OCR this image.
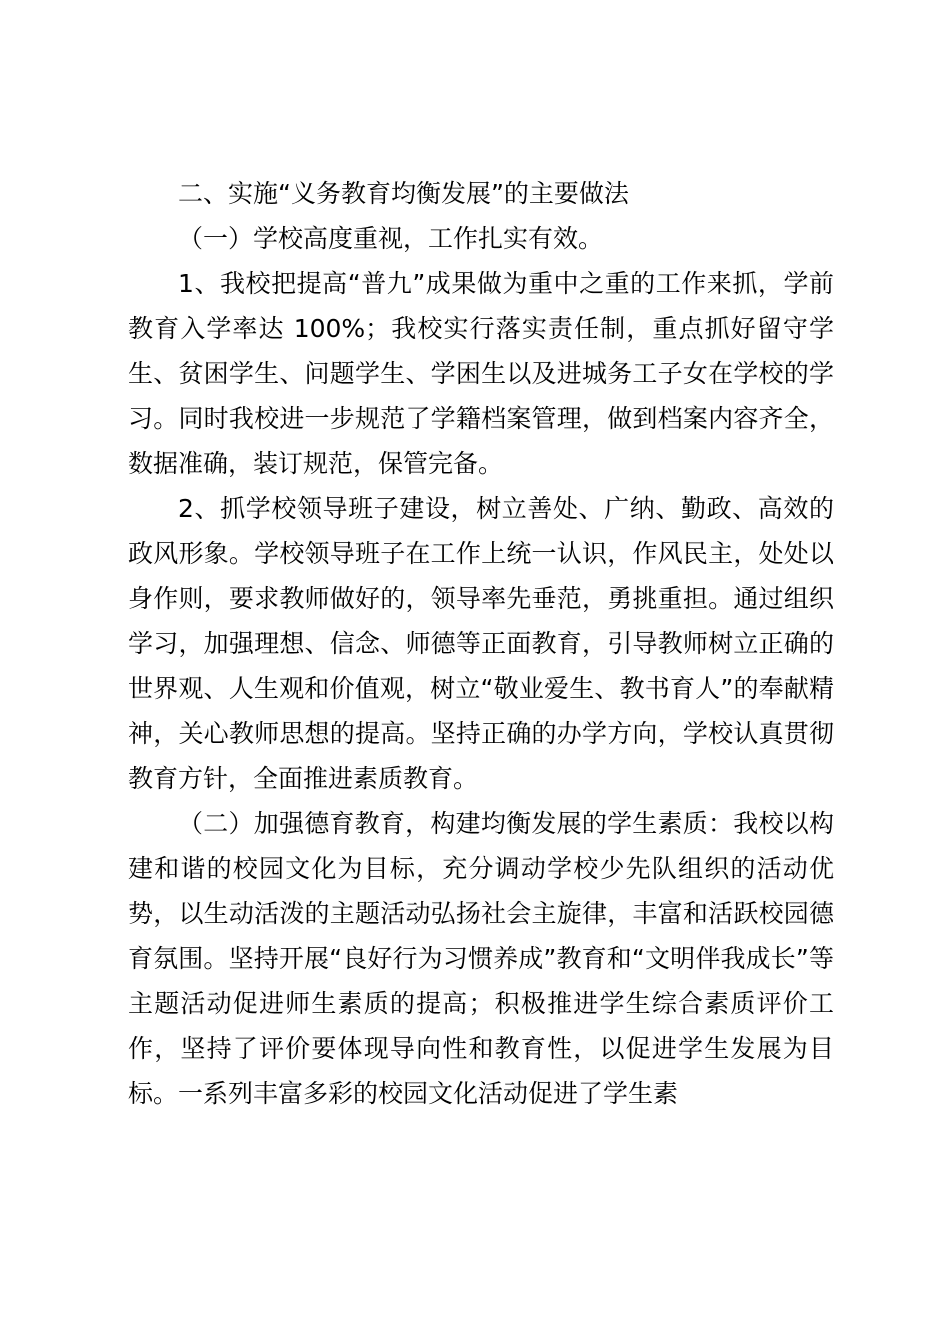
二、实施“义务教育均衡发展”的主要做法

（一）学校高度重视，工作扎实有效。

1、我校把提高“普九”成果做为重中之重的工作来抓，学前教育入学率达 100%；我校实行落实责任制，重点抓好留守学生、贫困学生、问题学生、学困生以及进城务工子女在学校的学习。同时我校进一步规范了学籍档案管理，做到档案内容齐全，数据准确，装订规范，保管完备。

2、抓学校领导班子建设，树立善处、广纳、勤政、高效的政风形象。学校领导班子在工作上统一认识，作风民主，处处以身作则，要求教师做好的，领导率先垂范，勇挑重担。通过组织学习，加强理想、信念、师德等正面教育，引导教师树立正确的世界观、人生观和价值观，树立“敬业爱生、教书育人”的奉献精神，关心教师思想的提高。坚持正确的办学方向，学校认真贯彻教育方针，全面推进素质教育。

（二）加强德育教育，构建均衡发展的学生素质：我校以构建和谐的校园文化为目标，充分调动学校少先队组织的活动优势，以生动活泼的主题活动弘扬社会主旋律，丰富和活跃校园德育氛围。坚持开展“良好行为习惯养成”教育和“文明伴我成长”等主题活动促进师生素质的提高；积极推进学生综合素质评价工作，坚持了评价要体现导向性和教育性，以促进学生发展为目标。一系列丰富多彩的校园文化活动促进了学生素
